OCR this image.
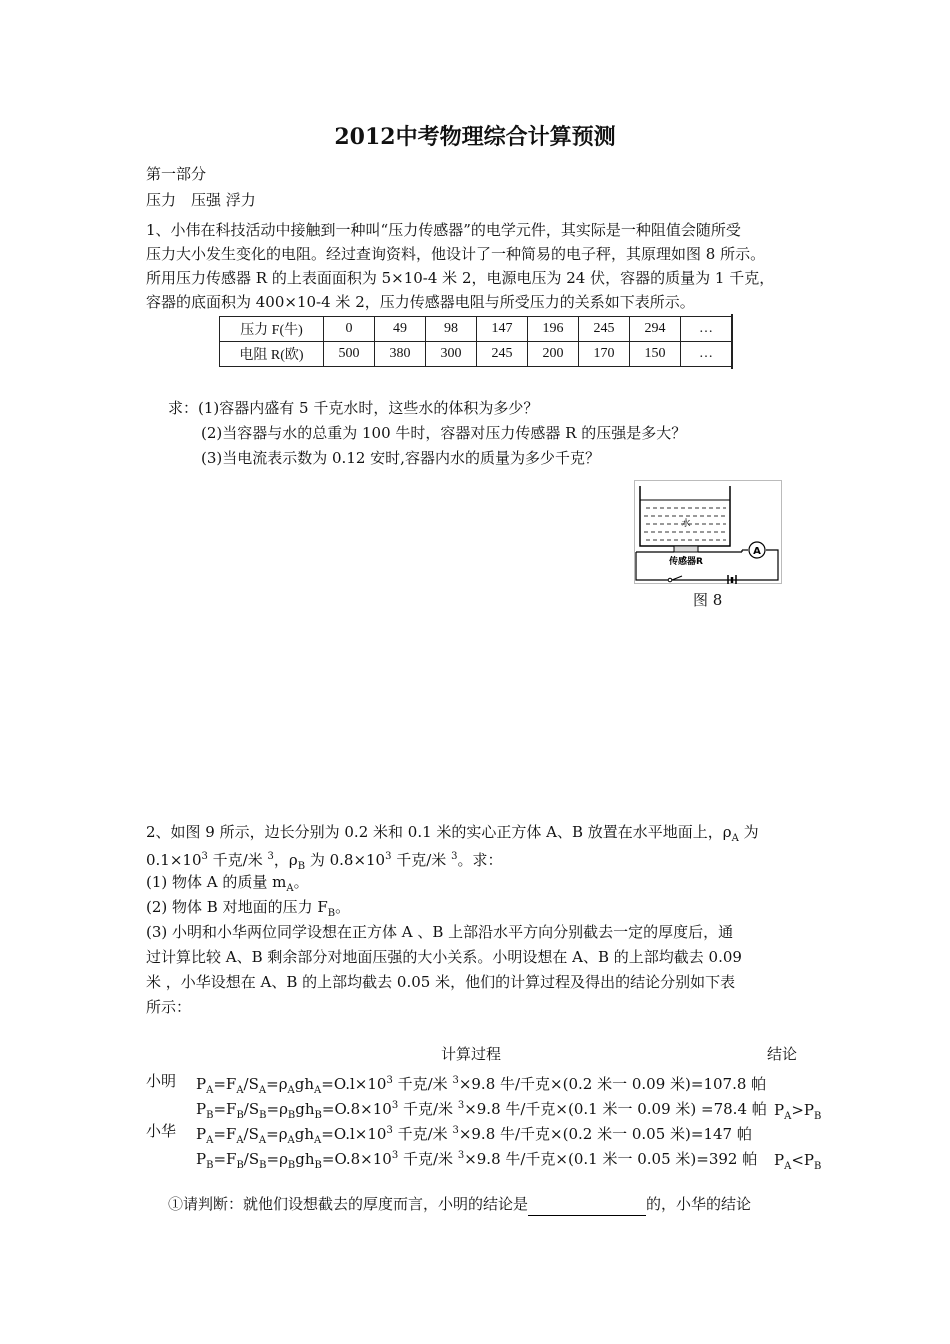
2012中考物理综合计算预测
第一部分
压力　压强 浮力
1、小伟在科技活动中接触到一种叫“压力传感器”的电学元件，其实际是一种阻值会随所受
压力大小发生变化的电阻。经过查询资料，他设计了一种简易的电子秤，其原理如图 8 所示。
所用压力传感器 R 的上表面面积为 5×10-4 米 2，电源电压为 24 伏，容器的质量为 1 千克，
容器的底面积为 400×10-4 米 2，压力传感器电阻与所受压力的关系如下表所示。
压力 F(牛)	0	49	98	147	196	245	294	…
电阻 R(欧)	500	380	300	245	200	170	150	…
求：(1)容器内盛有 5 千克水时，这些水的体积为多少？
(2)当容器与水的总重为 100 牛时，容器对压力传感器 R 的压强是多大？
(3)当电流表示数为 0.12 安时,容器内水的质量为多少千克？
水
A
传感器R
图 8
2、如图 9 所示，边长分别为 0.2 米和 0.1 米的实心正方体 A、B 放置在水平地面上，$\rho_A$ 为
$0.1\times 10^3$ 千克/米 $^3$，$\rho_B$ 为 $0.8\times 10^3$ 千克/米 $^3$。求：
(1) 物体 A 的质量 $m_A$。
(2) 物体 B 对地面的压力 $F_B$。
(3) 小明和小华两位同学设想在正方体 A 、B 上部沿水平方向分别截去一定的厚度后，通
过计算比较 A、B 剩余部分对地面压强的大小关系。小明设想在 A、B 的上部均截去 0.09
米 ，小华设想在 A、B 的上部均截去 0.05 米，他们的计算过程及得出的结论分别如下表
所示：
计算过程	结论
小明 $P_A=F_A/S_A=\rho_Agh_A=O.l\times 10^3$ 千克/米 $^3$×9.8 牛/千克×(0.2 米一 0.09 米)=107.8 帕
$P_B=F_B/S_B=\rho_Bgh_B=O.8\times 10^3$ 千克/米 $^3$×9.8 牛/千克×(0.1 米一 0.09 米) =78.4 帕 $P_A>P_B$
小华 $P_A=F_A/S_A=\rho_Agh_A=O.l\times 10^3$ 千克/米 $^3$×9.8 牛/千克×(0.2 米一 0.05 米)=147 帕
$P_B=F_B/S_B=\rho_Bgh_B=O.8\times 10^3$ 千克/米 $^3$×9.8 牛/千克×(0.1 米一 0.05 米)=392 帕 $P_A<P_B$
①请判断：就他们设想截去的厚度而言，小明的结论是	的，小华的结论
